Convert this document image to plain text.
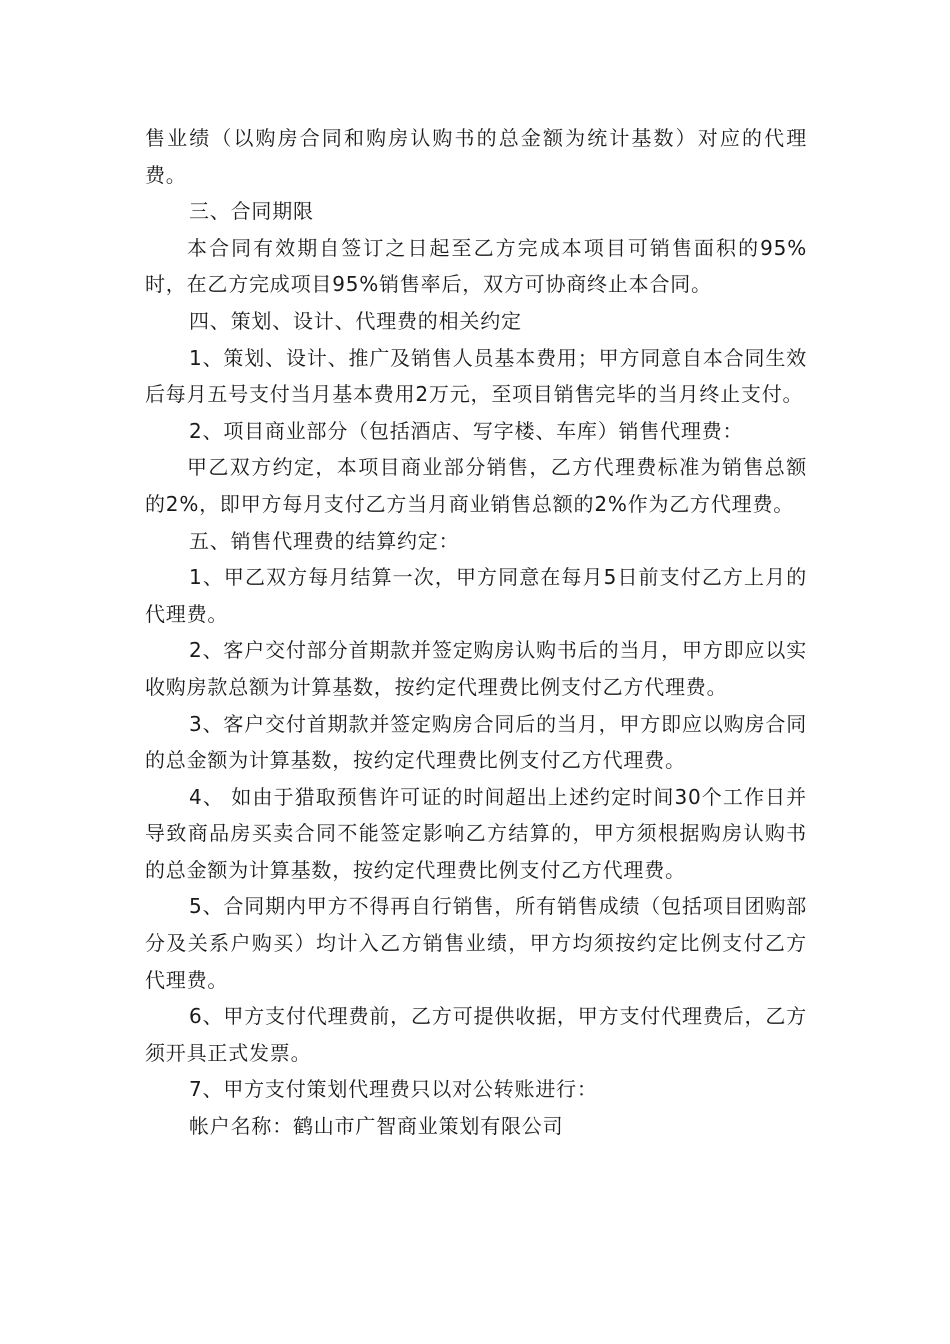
售业绩（以购房合同和购房认购书的总金额为统计基数）对应的代理费。

三、合同期限

本合同有效期自签订之日起至乙方完成本项目可销售面积的95%时，在乙方完成项目95%销售率后，双方可协商终止本合同。

四、策划、设计、代理费的相关约定

1、策划、设计、推广及销售人员基本费用；甲方同意自本合同生效后每月五号支付当月基本费用2万元，至项目销售完毕的当月终止支付。

2、项目商业部分（包括酒店、写字楼、车库）销售代理费：

甲乙双方约定，本项目商业部分销售，乙方代理费标准为销售总额的2%，即甲方每月支付乙方当月商业销售总额的2%作为乙方代理费。

五、销售代理费的结算约定：

1、甲乙双方每月结算一次，甲方同意在每月5日前支付乙方上月的代理费。

2、客户交付部分首期款并签定购房认购书后的当月，甲方即应以实收购房款总额为计算基数，按约定代理费比例支付乙方代理费。

3、客户交付首期款并签定购房合同后的当月，甲方即应以购房合同的总金额为计算基数，按约定代理费比例支付乙方代理费。

4、 如由于猎取预售许可证的时间超出上述约定时间30个工作日并导致商品房买卖合同不能签定影响乙方结算的，甲方须根据购房认购书的总金额为计算基数，按约定代理费比例支付乙方代理费。

5、合同期内甲方不得再自行销售，所有销售成绩（包括项目团购部分及关系户购买）均计入乙方销售业绩，甲方均须按约定比例支付乙方代理费。

6、甲方支付代理费前，乙方可提供收据，甲方支付代理费后，乙方须开具正式发票。

7、甲方支付策划代理费只以对公转账进行：

帐户名称：鹤山市广智商业策划有限公司
